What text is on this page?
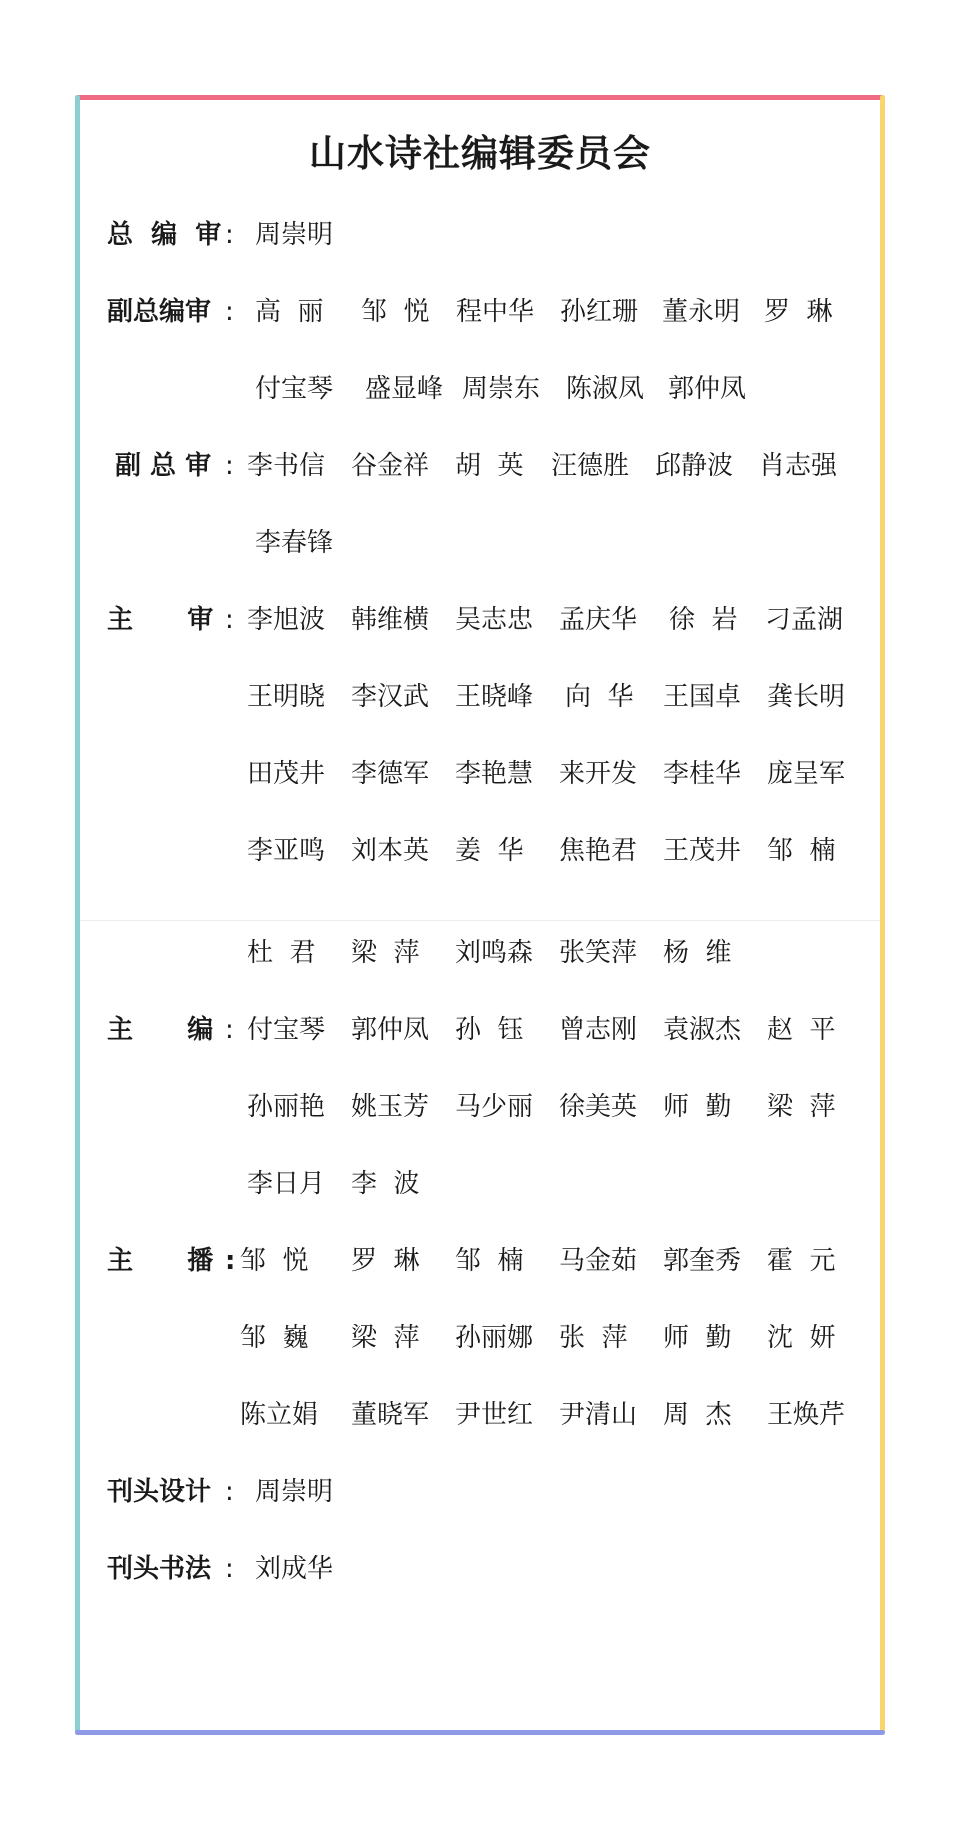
山水诗社编辑委员会
总  编  审 : 周崇明
副总编审 : 高  丽	邹  悦	程中华 孙红珊 董永明 罗  琳
付宝琴	盛显峰 周崇东 陈淑凤 郭仲凤
副 总 审 : 李书信 谷金祥 胡  英	汪德胜 邱静波 肖志强
李春锋
主      审 : 李旭波 韩维横 吴志忠 孟庆华	徐  岩	刁孟湖
王明晓 李汉武 王晓峰	向  华	王国卓 龚长明
田茂井 李德军 李艳慧 来开发 李桂华 庞呈军
李亚鸣 刘本英 姜  华	焦艳君 王茂井 邹  楠
杜  君	梁  萍	刘鸣森 张笑萍 杨  维
主      编 : 付宝琴 郭仲凤 孙  钰	曾志刚 袁淑杰 赵  平
孙丽艳 姚玉芳 马少丽 徐美英 师  勤	梁  萍
李日月 李  波
主      播 : 邹  悦	罗  琳	邹  楠	马金茹 郭奎秀 霍  元
邹  巍	梁  萍	孙丽娜 张  萍	师  勤	沈  妍
陈立娟	董晓军 尹世红 尹清山 周  杰	王焕芹
刊头设计 : 周崇明
刊头书法 : 刘成华
